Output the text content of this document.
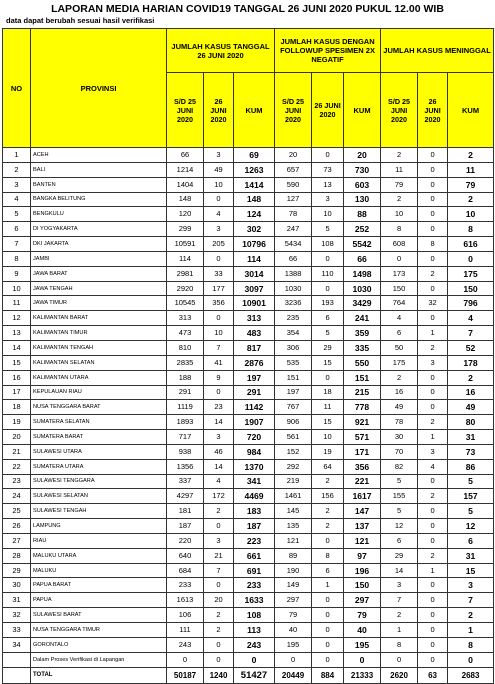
LAPORAN MEDIA HARIAN COVID19 TANGGAL 26 JUNI 2020 PUKUL 12.00 WIB
data dapat berubah sesuai hasil verifikasi
NO	PROVINSI	JUMLAH KASUS TANGGAL 26 JUNI 2020			JUMLAH KASUS DENGAN FOLLOWUP SPESIMEN 2X NEGATIF			JUMLAH KASUS MENINGGAL		
		S/D 25 JUNI 2020	26 JUNI 2020	KUM	S/D 25 JUNI 2020	26 JUNI 2020	KUM	S/D 25 JUNI 2020	26 JUNI 2020	KUM
1	ACEH	66	3	69	20	0	20	2	0	2
2	BALI	1214	49	1263	657	73	730	11	0	11
3	BANTEN	1404	10	1414	590	13	603	79	0	79
4	BANGKA BELITUNG	148	0	148	127	3	130	2	0	2
5	BENGKULU	120	4	124	78	10	88	10	0	10
6	DI YOGYAKARTA	299	3	302	247	5	252	8	0	8
7	DKI JAKARTA	10591	205	10796	5434	108	5542	608	8	616
8	JAMBI	114	0	114	66	0	66	0	0	0
9	JAWA BARAT	2981	33	3014	1388	110	1498	173	2	175
10	JAWA TENGAH	2920	177	3097	1030	0	1030	150	0	150
11	JAWA TIMUR	10545	356	10901	3236	193	3429	764	32	796
12	KALIMANTAN BARAT	313	0	313	235	6	241	4	0	4
13	KALIMANTAN TIMUR	473	10	483	354	5	359	6	1	7
14	KALIMANTAN TENGAH	810	7	817	306	29	335	50	2	52
15	KALIMANTAN SELATAN	2835	41	2876	535	15	550	175	3	178
16	KALIMANTAN UTARA	188	9	197	151	0	151	2	0	2
17	KEPULAUAN RIAU	291	0	291	197	18	215	16	0	16
18	NUSA TENGGARA BARAT	1119	23	1142	767	11	778	49	0	49
19	SUMATERA SELATAN	1893	14	1907	906	15	921	78	2	80
20	SUMATERA BARAT	717	3	720	561	10	571	30	1	31
21	SULAWESI UTARA	938	46	984	152	19	171	70	3	73
22	SUMATERA UTARA	1356	14	1370	292	64	356	82	4	86
23	SULAWESI TENGGARA	337	4	341	219	2	221	5	0	5
24	SULAWESI SELATAN	4297	172	4469	1461	156	1617	155	2	157
25	SULAWESI TENGAH	181	2	183	145	2	147	5	0	5
26	LAMPUNG	187	0	187	135	2	137	12	0	12
27	RIAU	220	3	223	121	0	121	6	0	6
28	MALUKU UTARA	640	21	661	89	8	97	29	2	31
29	MALUKU	684	7	691	190	6	196	14	1	15
30	PAPUA BARAT	233	0	233	149	1	150	3	0	3
31	PAPUA	1613	20	1633	297	0	297	7	0	7
32	SULAWESI BARAT	106	2	108	79	0	79	2	0	2
33	NUSA TENGGARA TIMUR	111	2	113	40	0	40	1	0	1
34	GORONTALO	243	0	243	195	0	195	8	0	8
	Dalam Proses Verifikasi di Lapangan	0	0	0	0	0	0	0	0	0
	TOTAL	50187	1240	51427	20449	884	21333	2620	63	2683
